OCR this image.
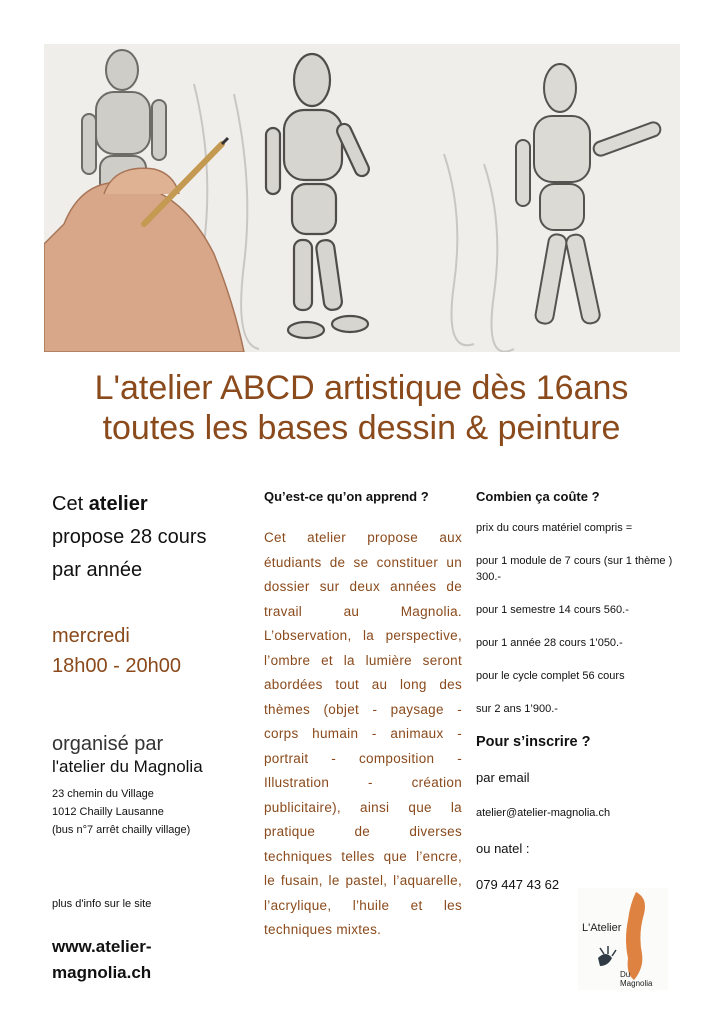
L'atelier ABCD artistique dès 16ans
toutes les bases dessin & peinture
Cet atelier
propose 28 cours
par année
mercredi
18h00 - 20h00
organisé par
l'atelier du Magnolia
23 chemin du Village
1012 Chailly Lausanne
(bus n°7 arrêt chailly village)
plus d'info sur le site
www.atelier-magnolia.ch
Qu’est-ce qu’on apprend ?
Cet atelier propose aux étudiants de se constituer un dossier sur deux années de travail au Magnolia. L’observation, la perspective, l’ombre et la lumière seront abordées tout au long des thèmes (objet - paysage - corps humain - animaux - portrait - composition - Illustration - création publicitaire), ainsi que la pratique de diverses techniques telles que l’encre, le fusain, le pastel, l’aquarelle, l’acrylique, l’huile et les techniques mixtes.
Combien ça coûte ?
prix du cours matériel compris =
pour 1 module de 7 cours (sur 1 thème ) 300.-
pour 1 semestre 14 cours 560.-
pour 1 année 28 cours 1’050.-
pour le cycle complet 56 cours
sur 2 ans 1’900.-
Pour s’inscrire ?
par email
atelier@atelier-magnolia.ch
ou natel :
079 447 43 62
L'Atelier
Du
Magnolia
